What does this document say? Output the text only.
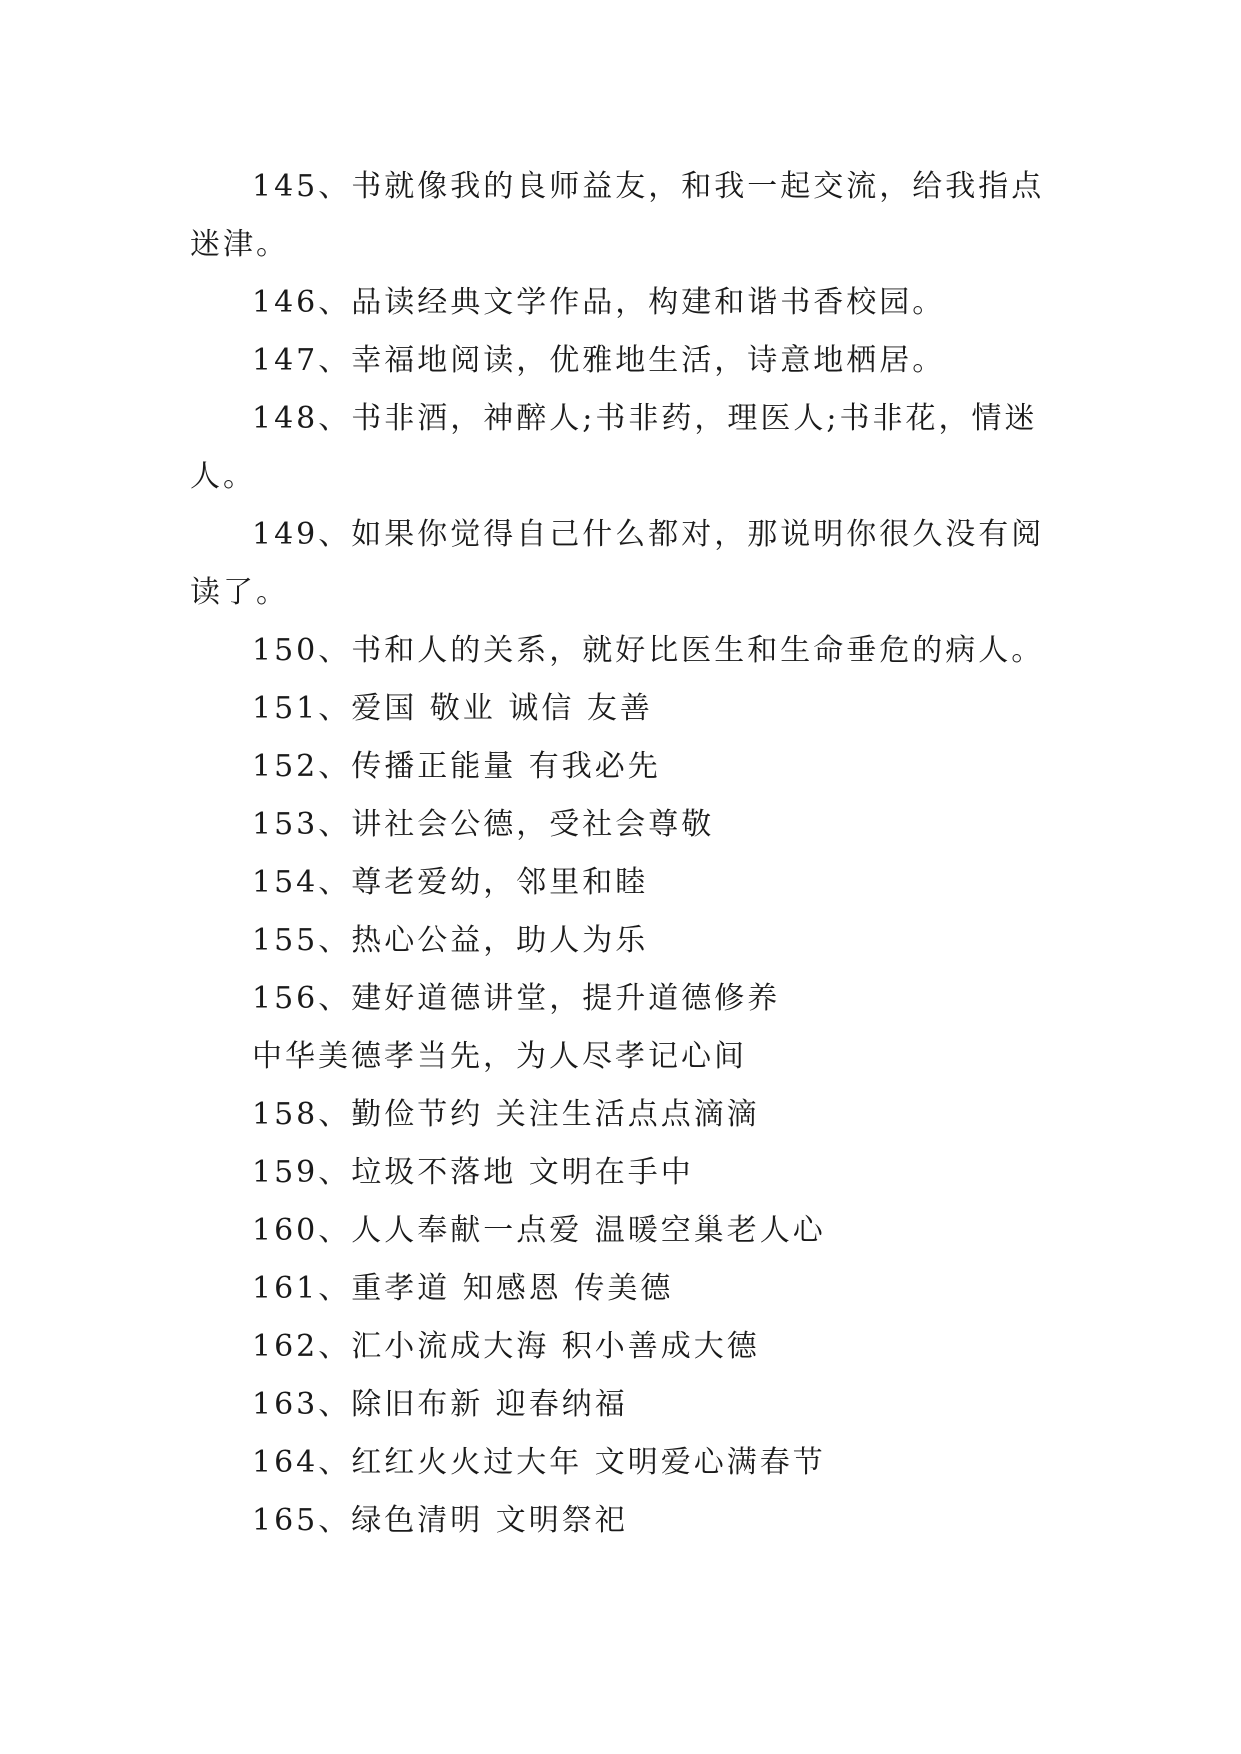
145、书就像我的良师益友，和我一起交流，给我指点迷津。

146、品读经典文学作品，构建和谐书香校园。

147、幸福地阅读，优雅地生活，诗意地栖居。

148、书非酒，神醉人;书非药，理医人;书非花，情迷人。

149、如果你觉得自己什么都对，那说明你很久没有阅读了。

150、书和人的关系，就好比医生和生命垂危的病人。

151、爱国 敬业 诚信 友善

152、传播正能量 有我必先

153、讲社会公德，受社会尊敬

154、尊老爱幼，邻里和睦

155、热心公益，助人为乐

156、建好道德讲堂，提升道德修养

中华美德孝当先，为人尽孝记心间

158、勤俭节约 关注生活点点滴滴

159、垃圾不落地 文明在手中

160、人人奉献一点爱 温暖空巢老人心

161、重孝道 知感恩 传美德

162、汇小流成大海 积小善成大德

163、除旧布新 迎春纳福

164、红红火火过大年 文明爱心满春节

165、绿色清明 文明祭祀
